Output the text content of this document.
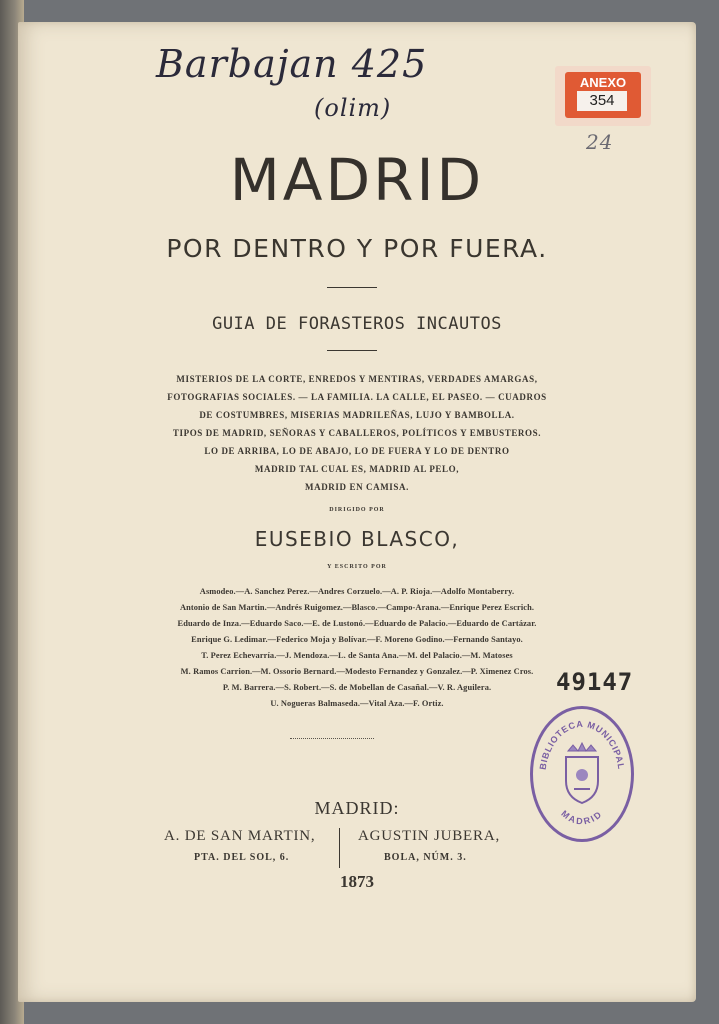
Barbajan 425
(olim)
24
ANEXO
354
MADRID
POR DENTRO Y POR FUERA.
GUIA DE FORASTEROS INCAUTOS
MISTERIOS DE LA CORTE, ENREDOS Y MENTIRAS, VERDADES AMARGAS,
FOTOGRAFIAS SOCIALES. — LA FAMILIA. LA CALLE, EL PASEO. — CUADROS
DE COSTUMBRES, MISERIAS MADRILEÑAS, LUJO Y BAMBOLLA.
TIPOS DE MADRID, SEÑORAS Y CABALLEROS, POLÍTICOS Y EMBUSTEROS.
LO DE ARRIBA, LO DE ABAJO, LO DE FUERA Y LO DE DENTRO
MADRID TAL CUAL ES, MADRID AL PELO,
MADRID EN CAMISA.
DIRIGIDO POR
EUSEBIO BLASCO,
Y ESCRITO POR
Asmodeo.—A. Sanchez Perez.—Andres Corzuelo.—A. P. Rioja.—Adolfo Montaberry.
Antonio de San Martin.—Andrés Ruigomez.—Blasco.—Campo-Arana.—Enrique Perez Escrich.
Eduardo de Inza.—Eduardo Saco.—E. de Lustonó.—Eduardo de Palacio.—Eduardo de Cartázar.
Enrique G. Ledimar.—Federico Moja y Bolívar.—F. Moreno Godino.—Fernando Santayo.
T. Perez Echevarría.—J. Mendoza.—L. de Santa Ana.—M. del Palacio.—M. Matoses
M. Ramos Carrion.—M. Ossorio Bernard.—Modesto Fernandez y Gonzalez.—P. Ximenez Cros.
P. M. Barrera.—S. Robert.—S. de Mobellan de Casañal.—V. R. Aguilera.
U. Nogueras Balmaseda.—Vital Aza.—F. Ortiz.
49147
BIBLIOTECA MUNICIPAL
MADRID
MADRID:
A. DE SAN MARTIN,
PTA. DEL SOL, 6.
AGUSTIN JUBERA,
BOLA, NÚM. 3.
1873
